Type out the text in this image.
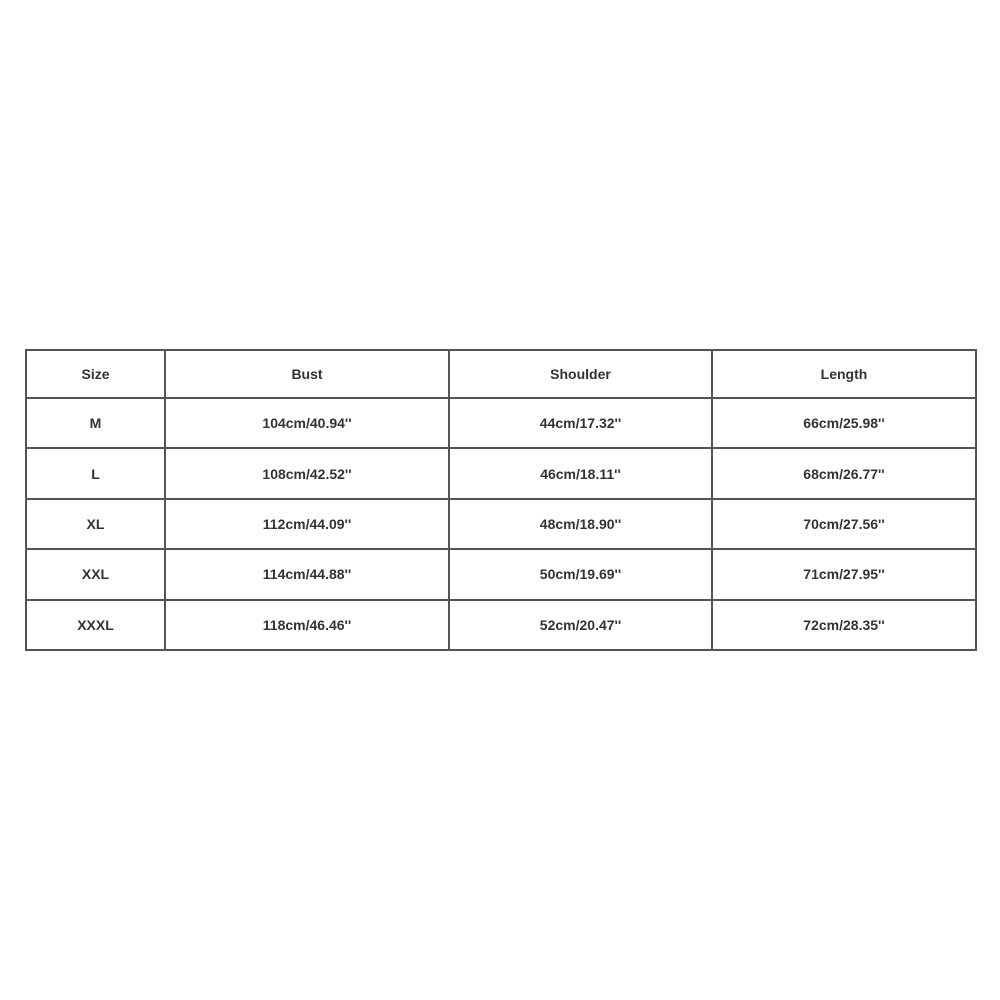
Size	Bust	Shoulder	Length
M	104cm/40.94''	44cm/17.32''	66cm/25.98''
L	108cm/42.52''	46cm/18.11''	68cm/26.77''
XL	112cm/44.09''	48cm/18.90''	70cm/27.56''
XXL	114cm/44.88''	50cm/19.69''	71cm/27.95''
XXXL	118cm/46.46''	52cm/20.47''	72cm/28.35''
